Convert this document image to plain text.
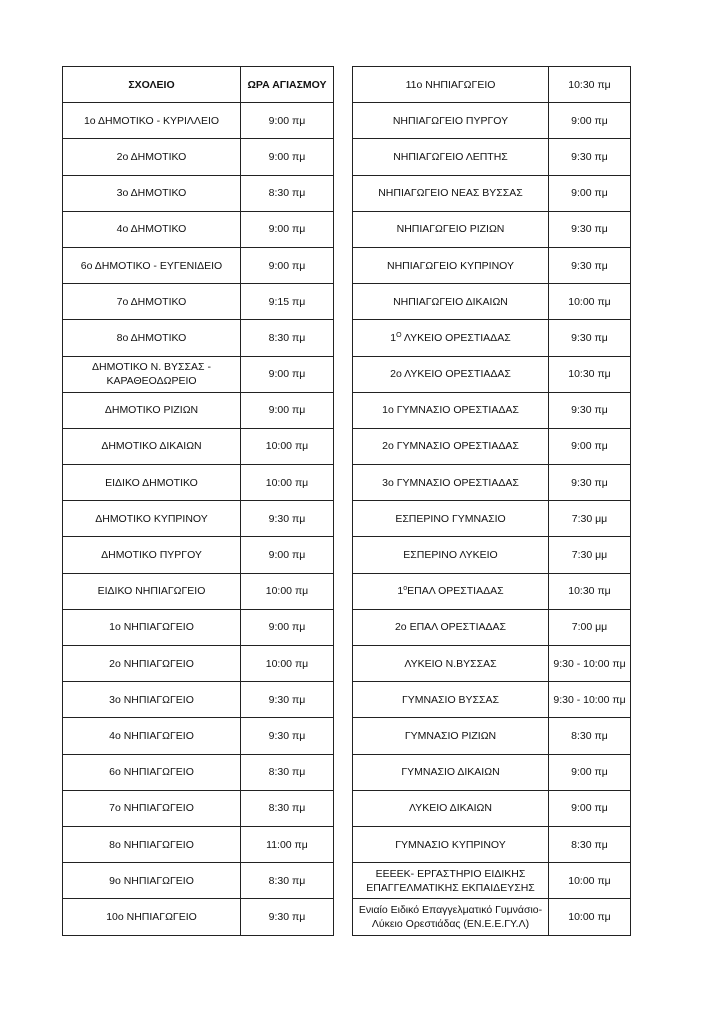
ΣΧΟΛΕΙΟ	ΩΡΑ ΑΓΙΑΣΜΟΥ
1ο ΔΗΜΟΤΙΚΟ - ΚΥΡΙΛΛΕΙΟ	9:00 πμ
2ο ΔΗΜΟΤΙΚΟ	9:00 πμ
3ο ΔΗΜΟΤΙΚΟ	8:30 πμ
4ο ΔΗΜΟΤΙΚΟ	9:00 πμ
6ο ΔΗΜΟΤΙΚΟ - ΕΥΓΕΝΙΔΕΙΟ	9:00 πμ
7ο ΔΗΜΟΤΙΚΟ	9:15 πμ
8ο ΔΗΜΟΤΙΚΟ	8:30 πμ
ΔΗΜΟΤΙΚΟ Ν. ΒΥΣΣΑΣ - ΚΑΡΑΘΕΟΔΩΡΕΙΟ	9:00 πμ
ΔΗΜΟΤΙΚΟ ΡΙΖΙΩΝ	9:00 πμ
ΔΗΜΟΤΙΚΟ ΔΙΚΑΙΩΝ	10:00 πμ
ΕΙΔΙΚΟ ΔΗΜΟΤΙΚΟ	10:00 πμ
ΔΗΜΟΤΙΚΟ ΚΥΠΡΙΝΟΥ	9:30 πμ
ΔΗΜΟΤΙΚΟ ΠΥΡΓΟΥ	9:00 πμ
ΕΙΔΙΚΟ ΝΗΠΙΑΓΩΓΕΙΟ	10:00 πμ
1ο ΝΗΠΙΑΓΩΓΕΙΟ	9:00 πμ
2ο ΝΗΠΙΑΓΩΓΕΙΟ	10:00 πμ
3ο ΝΗΠΙΑΓΩΓΕΙΟ	9:30 πμ
4ο ΝΗΠΙΑΓΩΓΕΙΟ	9:30 πμ
6ο ΝΗΠΙΑΓΩΓΕΙΟ	8:30 πμ
7ο ΝΗΠΙΑΓΩΓΕΙΟ	8:30 πμ
8ο ΝΗΠΙΑΓΩΓΕΙΟ	11:00 πμ
9ο ΝΗΠΙΑΓΩΓΕΙΟ	8:30 πμ
10ο ΝΗΠΙΑΓΩΓΕΙΟ	9:30 πμ
11ο ΝΗΠΙΑΓΩΓΕΙΟ	10:30 πμ
ΝΗΠΙΑΓΩΓΕΙΟ ΠΥΡΓΟΥ	9:00 πμ
ΝΗΠΙΑΓΩΓΕΙΟ ΛΕΠΤΗΣ	9:30 πμ
ΝΗΠΙΑΓΩΓΕΙΟ ΝΕΑΣ ΒΥΣΣΑΣ	9:00 πμ
ΝΗΠΙΑΓΩΓΕΙΟ ΡΙΖΙΩΝ	9:30 πμ
ΝΗΠΙΑΓΩΓΕΙΟ ΚΥΠΡΙΝΟΥ	9:30 πμ
ΝΗΠΙΑΓΩΓΕΙΟ ΔΙΚΑΙΩΝ	10:00 πμ
$1^O$ ΛΥΚΕΙΟ ΟΡΕΣΤΙΑΔΑΣ	9:30 πμ
2ο ΛΥΚΕΙΟ ΟΡΕΣΤΙΑΔΑΣ	10:30 πμ
1ο ΓΥΜΝΑΣΙΟ ΟΡΕΣΤΙΑΔΑΣ	9:30 πμ
2ο ΓΥΜΝΑΣΙΟ ΟΡΕΣΤΙΑΔΑΣ	9:00 πμ
3ο ΓΥΜΝΑΣΙΟ ΟΡΕΣΤΙΑΔΑΣ	9:30 πμ
ΕΣΠΕΡΙΝΟ ΓΥΜΝΑΣΙΟ	7:30 μμ
ΕΣΠΕΡΙΝΟ ΛΥΚΕΙΟ	7:30 μμ
$1^oE\Pi A\Lambda$ ΟΡΕΣΤΙΑΔΑΣ	10:30 πμ
2ο ΕΠΑΛ ΟΡΕΣΤΙΑΔΑΣ	7:00 μμ
ΛΥΚΕΙΟ Ν.ΒΥΣΣΑΣ	9:30 - 10:00 πμ
ΓΥΜΝΑΣΙΟ ΒΥΣΣΑΣ	9:30 - 10:00 πμ
ΓΥΜΝΑΣΙΟ ΡΙΖΙΩΝ	8:30 πμ
ΓΥΜΝΑΣΙΟ ΔΙΚΑΙΩΝ	9:00 πμ
ΛΥΚΕΙΟ ΔΙΚΑΙΩΝ	9:00 πμ
ΓΥΜΝΑΣΙΟ ΚΥΠΡΙΝΟΥ	8:30 πμ
ΕΕΕΕΚ- ΕΡΓΑΣΤΗΡΙΟ ΕΙΔΙΚΗΣ ΕΠΑΓΓΕΛΜΑΤΙΚΗΣ ΕΚΠΑΙΔΕΥΣΗΣ	10:00 πμ
Ενιαίο Ειδικό Επαγγελματικό Γυμνάσιο-Λύκειο Ορεστιάδας (ΕΝ.Ε.Ε.ΓΥ.Λ)	10:00 πμ
